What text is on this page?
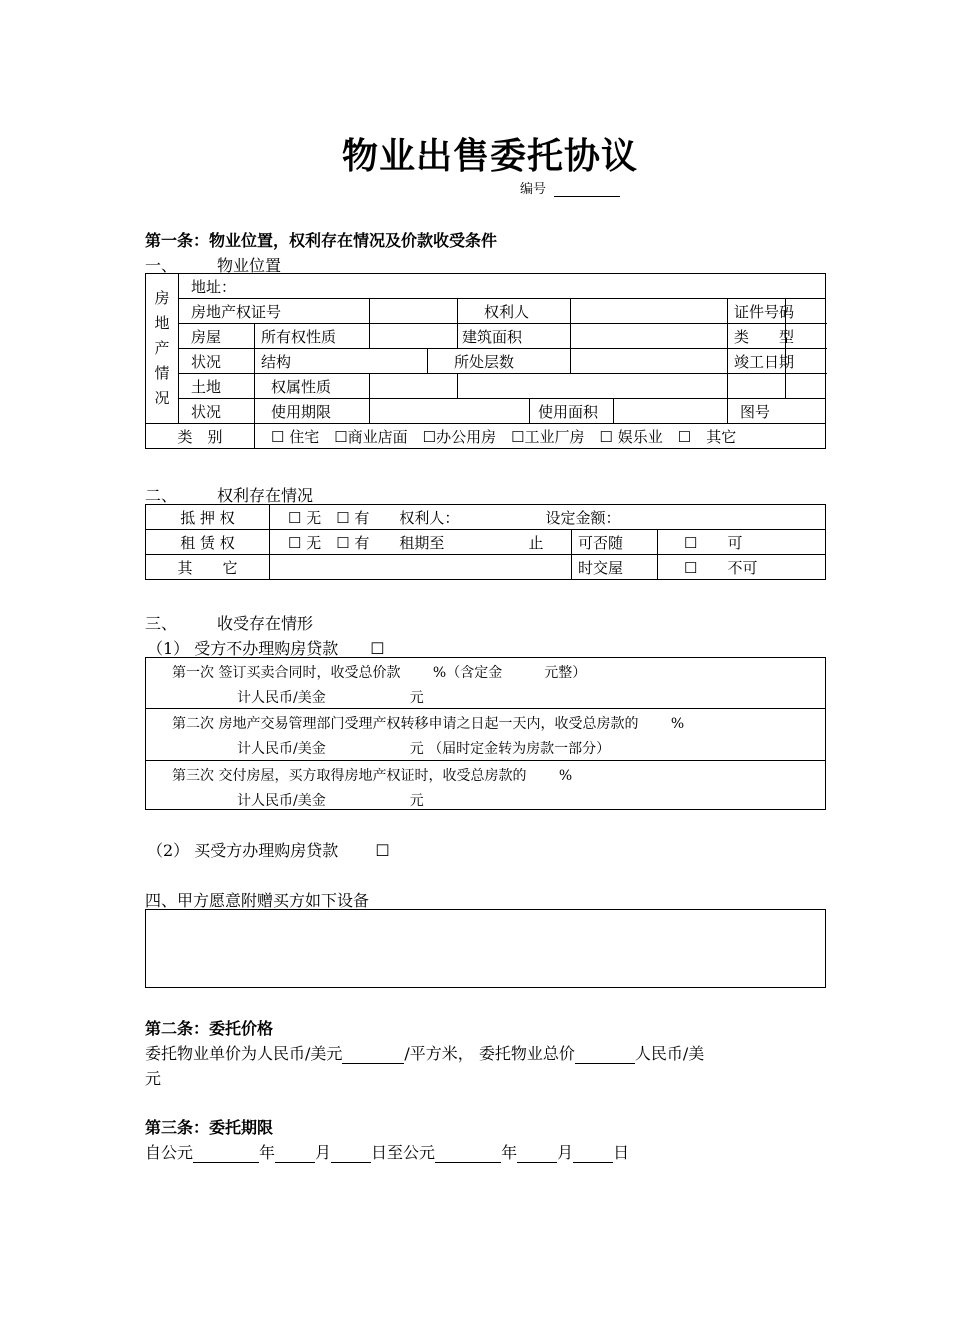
物业出售委托协议
编号
第一条：物业位置，权利存在情况及价款收受条件
一、	物业位置
房
地
产
情
况	地址：										
	房地产权证号				权利人				证件号码		
	房屋	所有权性质			建筑面积				类　　型		
	状况	结构		所处层数					竣工日期		
	土地	权属性质									
	状况	使用期限				使用面积			图号		
类　别		☐ 住宅　☐商业店面　☐办公用房　☐工业厂房　☐ 娱乐业　☐　其它									
二、	权利存在情况
抵 押 权	☐ 无　☐ 有　　权利人： 设定金额：		
租 赁 权	☐ 无　☐ 有　　租期至 止	可否随	☐　　可
其　　它		时交屋	☐　　不可
三、	收受存在情形
（1） 受方不办理购房贷款　　☐
第一次 签订买卖合同时，收受总价款　　 %（含定金　　　元整）
计人民币/美金　　　　　　元
第二次 房地产交易管理部门受理产权转移申请之日起一天内，收受总房款的　　 %
计人民币/美金　　　　　　元 （届时定金转为房款一部分）
第三次 交付房屋，买方取得房地产权证时，收受总房款的　　 %
计人民币/美金　　　　　　元
（2） 买受方办理购房贷款　　 ☐
四、甲方愿意附赠买方如下设备
第二条：委托价格
委托物业单价为人民币/美元	/平方米， 委托物业总价	人民币/美
元
第三条：委托期限
自公元	年	月	日至公元	年	月	日
